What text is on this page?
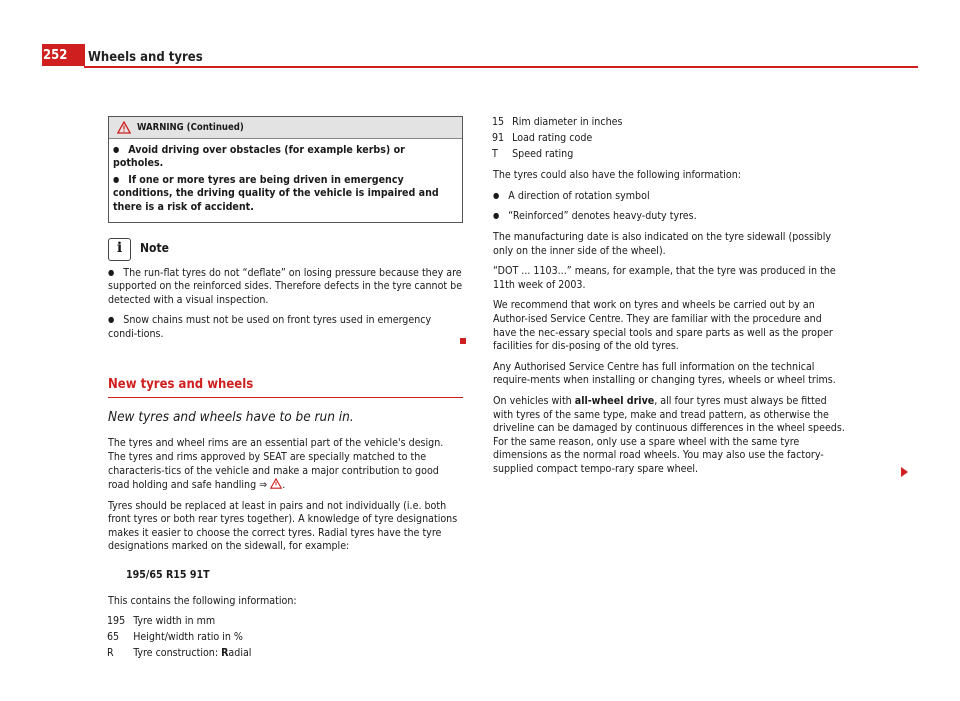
252	Wheels and tyres
WARNING (Continued)

● Avoid driving over obstacles (for example kerbs) or potholes.

● If one or more tyres are being driven in emergency conditions, the driving quality of the vehicle is impaired and there is a risk of accident.

i	Note

● The run-flat tyres do not “deflate” on losing pressure because they are supported on the reinforced sides. Therefore defects in the tyre cannot be detected with a visual inspection.

● Snow chains must not be used on front tyres used in emergency condi-tions.

New tyres and wheels
New tyres and wheels have to be run in.

The tyres and wheel rims are an essential part of the vehicle's design. The tyres and rims approved by SEAT are specially matched to the characteris-tics of the vehicle and make a major contribution to good road holding and safe handling ⇒ .

Tyres should be replaced at least in pairs and not individually (i.e. both front tyres or both rear tyres together). A knowledge of tyre designations makes it easier to choose the correct tyres. Radial tyres have the tyre designations marked on the sidewall, for example:

195/65 R15 91T

This contains the following information:

195	Tyre width in mm
65	Height/width ratio in %
R	Tyre construction: Radial
15	Rim diameter in inches
91	Load rating code
T	Speed rating

The tyres could also have the following information:

● A direction of rotation symbol

● “Reinforced” denotes heavy-duty tyres.

The manufacturing date is also indicated on the tyre sidewall (possibly only on the inner side of the wheel).

“DOT ... 1103...” means, for example, that the tyre was produced in the 11th week of 2003.

We recommend that work on tyres and wheels be carried out by an Author-ised Service Centre. They are familiar with the procedure and have the nec-essary special tools and spare parts as well as the proper facilities for dis-posing of the old tyres.

Any Authorised Service Centre has full information on the technical require-ments when installing or changing tyres, wheels or wheel trims.

On vehicles with all-wheel drive, all four tyres must always be fitted with tyres of the same type, make and tread pattern, as otherwise the driveline can be damaged by continuous differences in the wheel speeds. For the same reason, only use a spare wheel with the same tyre dimensions as the normal road wheels. You may also use the factory-supplied compact tempo-rary spare wheel.

carmanualsonline.info
